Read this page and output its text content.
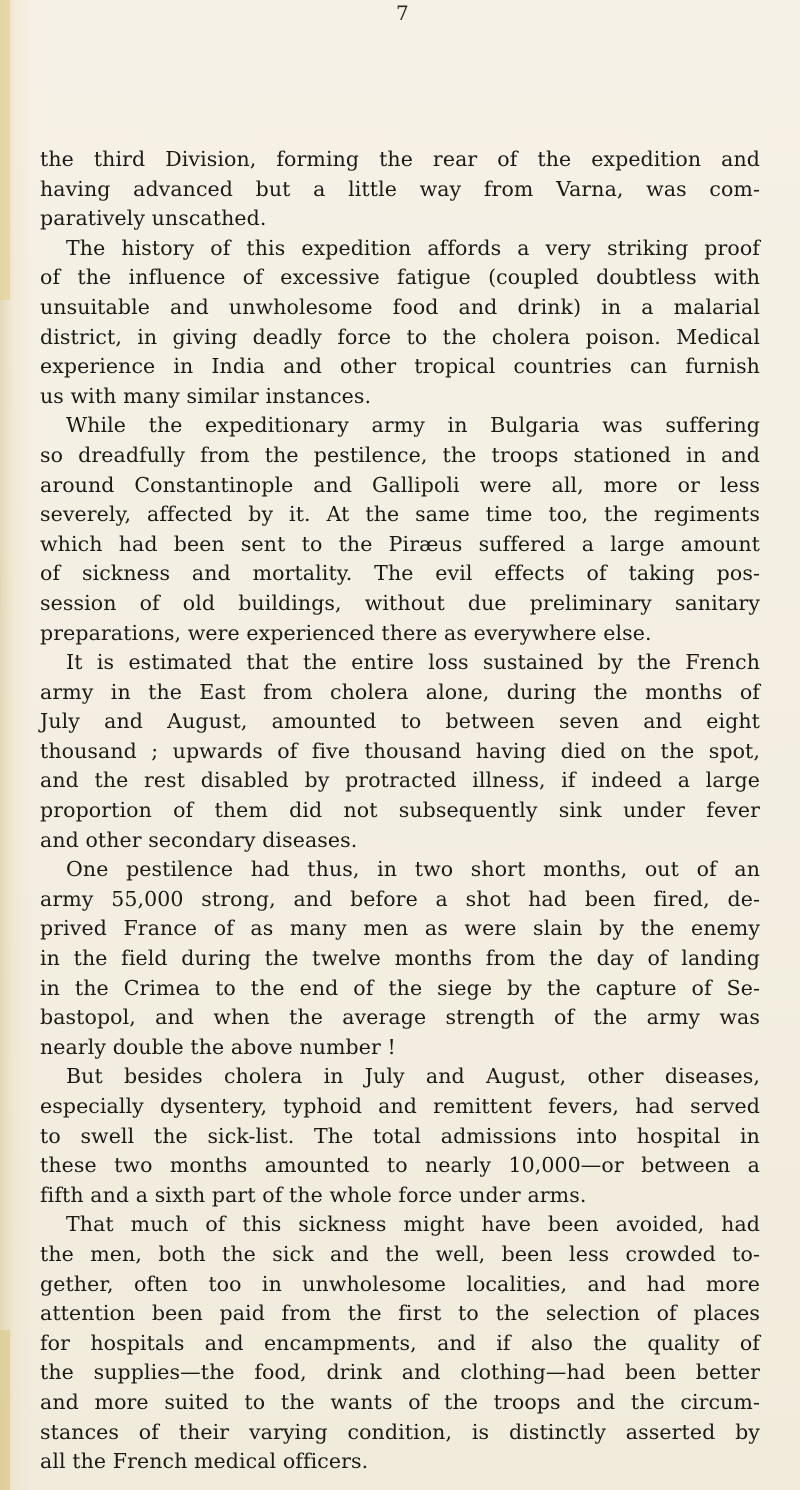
7
the third Division, forming the rear of the expedition and
having advanced but a little way from Varna, was com-
paratively unscathed.
The history of this expedition affords a very striking proof
of the influence of excessive fatigue (coupled doubtless with
unsuitable and unwholesome food and drink) in a malarial
district, in giving deadly force to the cholera poison. Medical
experience in India and other tropical countries can furnish
us with many similar instances.
While the expeditionary army in Bulgaria was suffering
so dreadfully from the pestilence, the troops stationed in and
around Constantinople and Gallipoli were all, more or less
severely, affected by it. At the same time too, the regiments
which had been sent to the Piræus suffered a large amount
of sickness and mortality. The evil effects of taking pos-
session of old buildings, without due preliminary sanitary
preparations, were experienced there as everywhere else.
It is estimated that the entire loss sustained by the French
army in the East from cholera alone, during the months of
July and August, amounted to between seven and eight
thousand ; upwards of five thousand having died on the spot,
and the rest disabled by protracted illness, if indeed a large
proportion of them did not subsequently sink under fever
and other secondary diseases.
One pestilence had thus, in two short months, out of an
army 55,000 strong, and before a shot had been fired, de-
prived France of as many men as were slain by the enemy
in the field during the twelve months from the day of landing
in the Crimea to the end of the siege by the capture of Se-
bastopol, and when the average strength of the army was
nearly double the above number !
But besides cholera in July and August, other diseases,
especially dysentery, typhoid and remittent fevers, had served
to swell the sick-list. The total admissions into hospital in
these two months amounted to nearly 10,000—or between a
fifth and a sixth part of the whole force under arms.
That much of this sickness might have been avoided, had
the men, both the sick and the well, been less crowded to-
gether, often too in unwholesome localities, and had more
attention been paid from the first to the selection of places
for hospitals and encampments, and if also the quality of
the supplies—the food, drink and clothing—had been better
and more suited to the wants of the troops and the circum-
stances of their varying condition, is distinctly asserted by
all the French medical officers.
